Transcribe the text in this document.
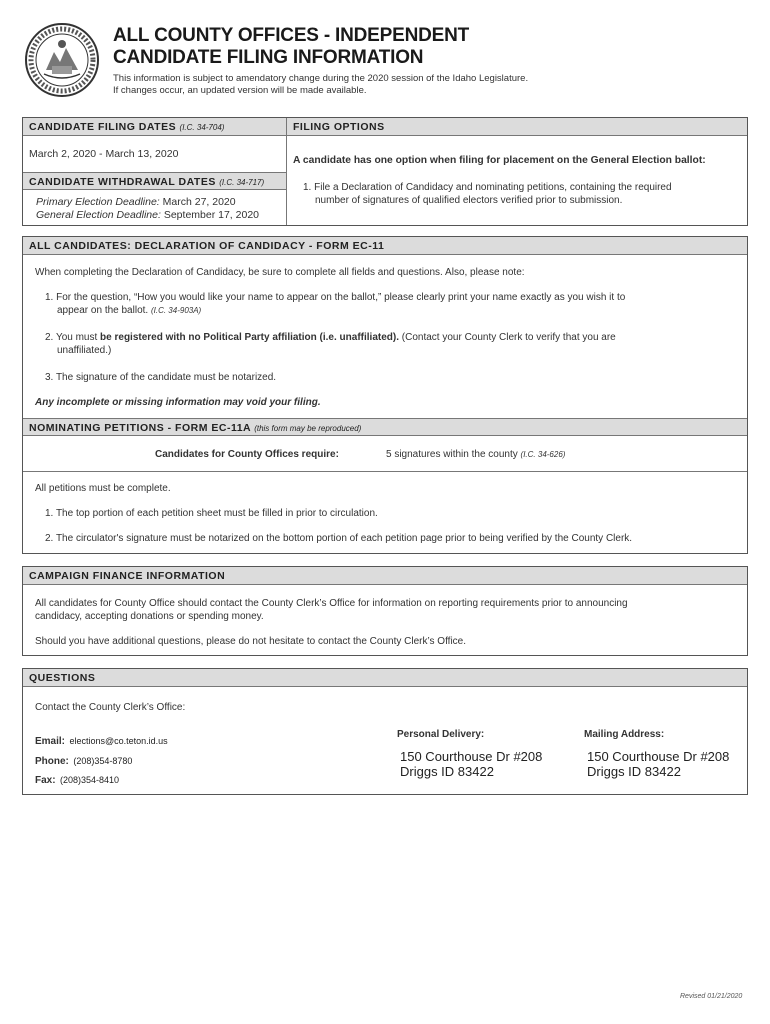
ALL COUNTY OFFICES - INDEPENDENT
CANDIDATE FILING INFORMATION
This information is subject to amendatory change during the 2020 session of the Idaho Legislature.
If changes occur, an updated version will be made available.
CANDIDATE FILING DATES (I.C. 34-704)
March 2, 2020 - March 13, 2020
CANDIDATE WITHDRAWAL DATES (I.C. 34-717)
Primary Election Deadline: March 27, 2020
General Election Deadline: September 17, 2020
FILING OPTIONS
A candidate has one option when filing for placement on the General Election ballot:
1. File a Declaration of Candidacy and nominating petitions, containing the required
number of signatures of qualified electors verified prior to submission.
ALL CANDIDATES: DECLARATION OF CANDIDACY - FORM EC-11
When completing the Declaration of Candidacy, be sure to complete all fields and questions. Also, please note:
1. For the question, “How you would like your name to appear on the ballot,” please clearly print your name exactly as you wish it to
appear on the ballot. (I.C. 34-903A)
2. You must be registered with no Political Party affiliation (i.e. unaffiliated). (Contact your County Clerk to verify that you are
unaffiliated.)
3. The signature of the candidate must be notarized.
Any incomplete or missing information may void your filing.
NOMINATING PETITIONS - FORM EC-11A (this form may be reproduced)
Candidates for County Offices require:	5 signatures within the county (I.C. 34-626)
All petitions must be complete.
1. The top portion of each petition sheet must be filled in prior to circulation.
2. The circulator's signature must be notarized on the bottom portion of each petition page prior to being verified by the County Clerk.
CAMPAIGN FINANCE INFORMATION
All candidates for County Office should contact the County Clerk’s Office for information on reporting requirements prior to announcing
candidacy, accepting donations or spending money.
Should you have additional questions, please do not hesitate to contact the County Clerk’s Office.
QUESTIONS
Contact the County Clerk’s Office:
Email: elections@co.teton.id.us
Phone: (208)354-8780
Fax: (208)354-8410
Personal Delivery:
150 Courthouse Dr #208
Driggs ID 83422
Mailing Address:
150 Courthouse Dr #208
Driggs ID 83422
Revised 01/21/2020
